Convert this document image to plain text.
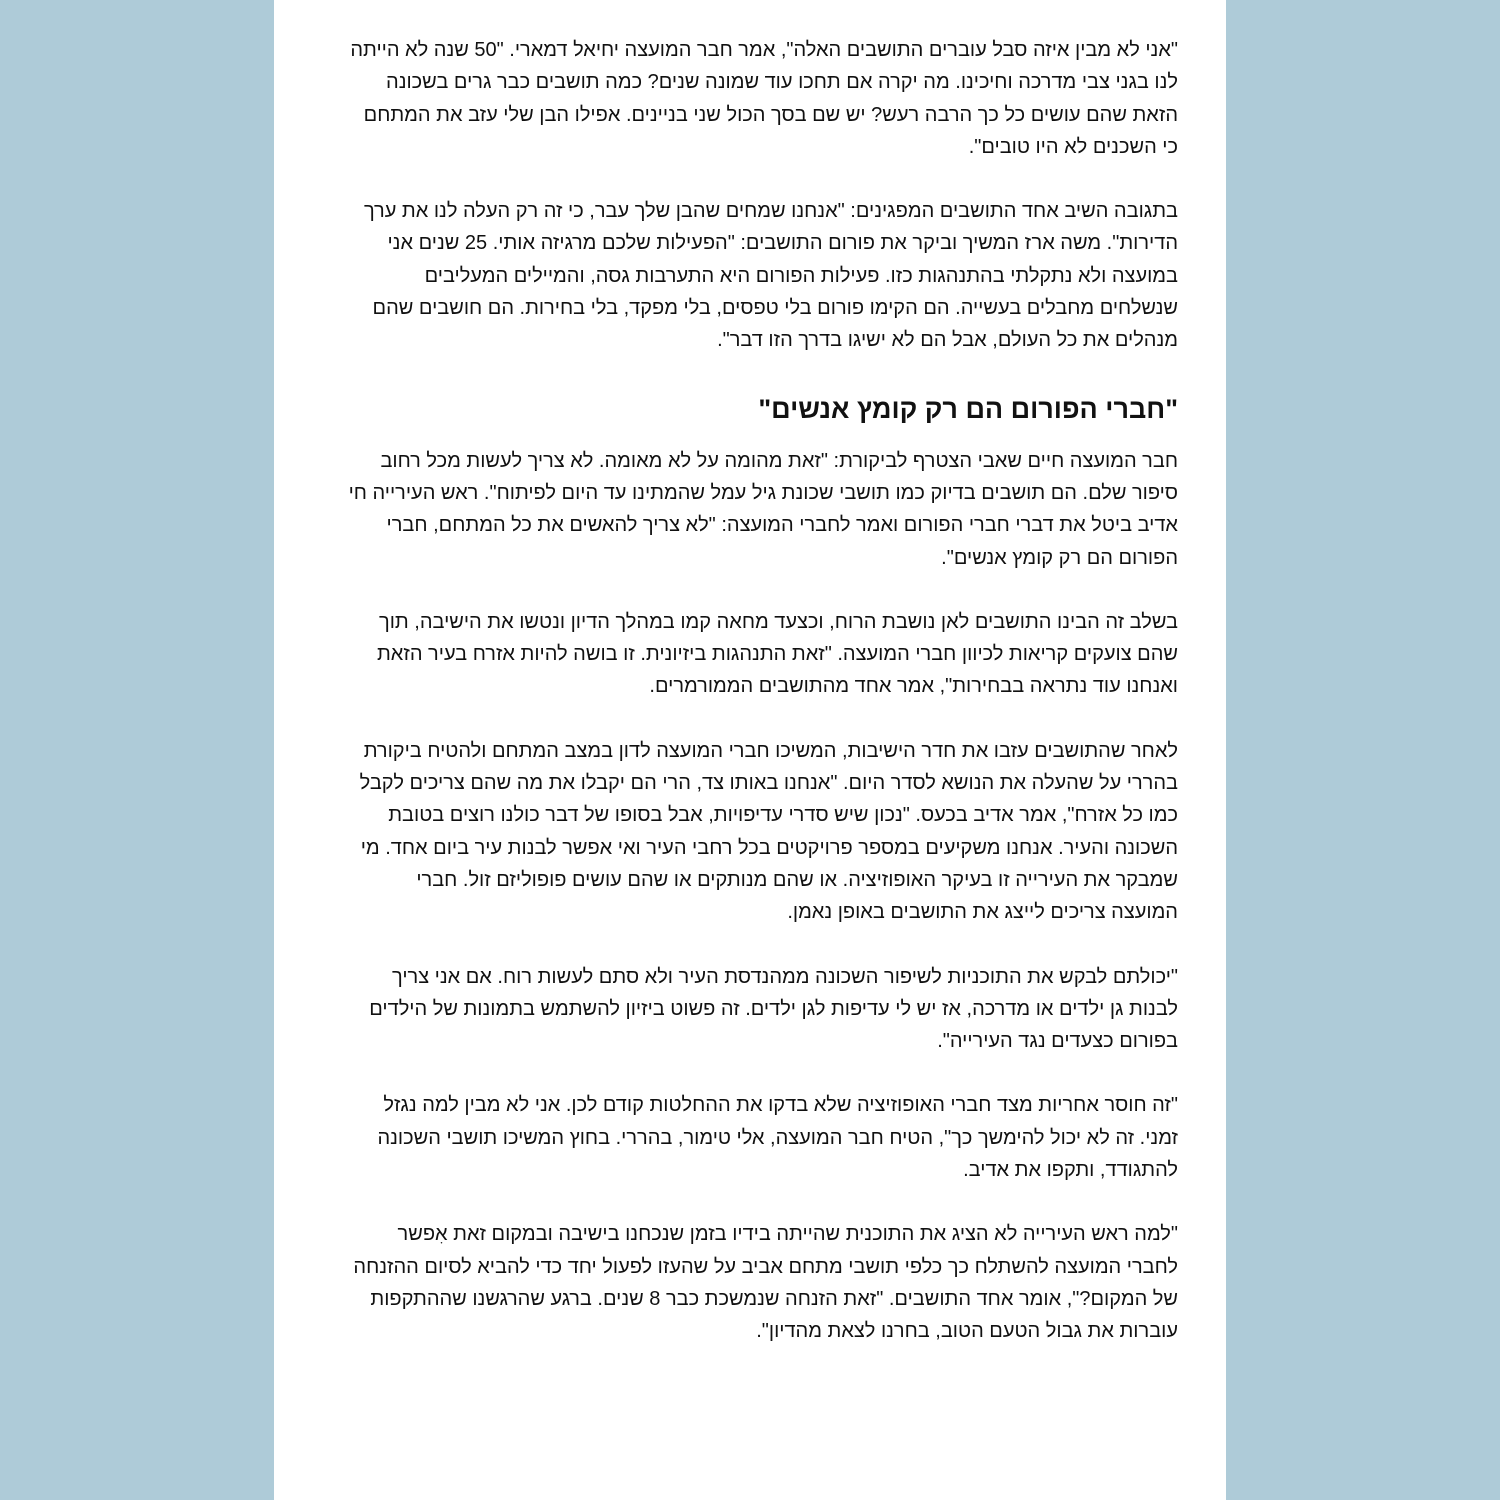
"אני לא מבין איזה סבל עוברים התושבים האלה", אמר חבר המועצה יחיאל דמארי. "50 שנה לא הייתה לנו בגני צבי מדרכה וחיכינו. מה יקרה אם תחכו עוד שמונה שנים? כמה תושבים כבר גרים בשכונה הזאת שהם עושים כל כך הרבה רעש? יש שם בסך הכול שני בניינים. אפילו הבן שלי עזב את המתחם כי השכנים לא היו טובים".

בתגובה השיב אחד התושבים המפגינים: "אנחנו שמחים שהבן שלך עבר, כי זה רק העלה לנו את ערך הדירות". משה ארז המשיך וביקר את פורום התושבים: "הפעילות שלכם מרגיזה אותי. 25 שנים אני במועצה ולא נתקלתי בהתנהגות כזו. פעילות הפורום היא התערבות גסה, והמיילים המעליבים שנשלחים מחבלים בעשייה. הם הקימו פורום בלי טפסים, בלי מפקד, בלי בחירות. הם חושבים שהם מנהלים את כל העולם, אבל הם לא ישיגו בדרך הזו דבר".

"חברי הפורום הם רק קומץ אנשים"

חבר המועצה חיים שאבי הצטרף לביקורת: "זאת מהומה על לא מאומה. לא צריך לעשות מכל רחוב סיפור שלם. הם תושבים בדיוק כמו תושבי שכונת גיל עמל שהמתינו עד היום לפיתוח". ראש העירייה חי אדיב ביטל את דברי חברי הפורום ואמר לחברי המועצה: "לא צריך להאשים את כל המתחם, חברי הפורום הם רק קומץ אנשים".

בשלב זה הבינו התושבים לאן נושבת הרוח, וכצעד מחאה קמו במהלך הדיון ונטשו את הישיבה, תוך שהם צועקים קריאות לכיוון חברי המועצה. "זאת התנהגות ביזיונית. זו בושה להיות אזרח בעיר הזאת ואנחנו עוד נתראה בבחירות", אמר אחד מהתושבים הממורמרים.

לאחר שהתושבים עזבו את חדר הישיבות, המשיכו חברי המועצה לדון במצב המתחם ולהטיח ביקורת בהררי על שהעלה את הנושא לסדר היום. "אנחנו באותו צד, הרי הם יקבלו את מה שהם צריכים לקבל כמו כל אזרח", אמר אדיב בכעס. "נכון שיש סדרי עדיפויות, אבל בסופו של דבר כולנו רוצים בטובת השכונה והעיר. אנחנו משקיעים במספר פרויקטים בכל רחבי העיר ואי אפשר לבנות עיר ביום אחד. מי שמבקר את העירייה זו בעיקר האופוזיציה. או שהם מנותקים או שהם עושים פופוליזם זול. חברי המועצה צריכים לייצג את התושבים באופן נאמן.

"יכולתם לבקש את התוכניות לשיפור השכונה ממהנדסת העיר ולא סתם לעשות רוח. אם אני צריך לבנות גן ילדים או מדרכה, אז יש לי עדיפות לגן ילדים. זה פשוט ביזיון להשתמש בתמונות של הילדים בפורום כצעדים נגד העירייה".

"זה חוסר אחריות מצד חברי האופוזיציה שלא בדקו את ההחלטות קודם לכן. אני לא מבין למה נגזל זמני. זה לא יכול להימשך כך", הטיח חבר המועצה, אלי טימור, בהררי. בחוץ המשיכו תושבי השכונה להתגודד, ותקפו את אדיב.

"למה ראש העירייה לא הציג את התוכנית שהייתה בידיו בזמן שנכחנו בישיבה ובמקום זאת אִפשר לחברי המועצה להשתלח כך כלפי תושבי מתחם אביב על שהעזו לפעול יחד כדי להביא לסיום ההזנחה של המקום?", אומר אחד התושבים. "זאת הזנחה שנמשכת כבר 8 שנים. ברגע שהרגשנו שההתקפות עוברות את גבול הטעם הטוב, בחרנו לצאת מהדיון".
